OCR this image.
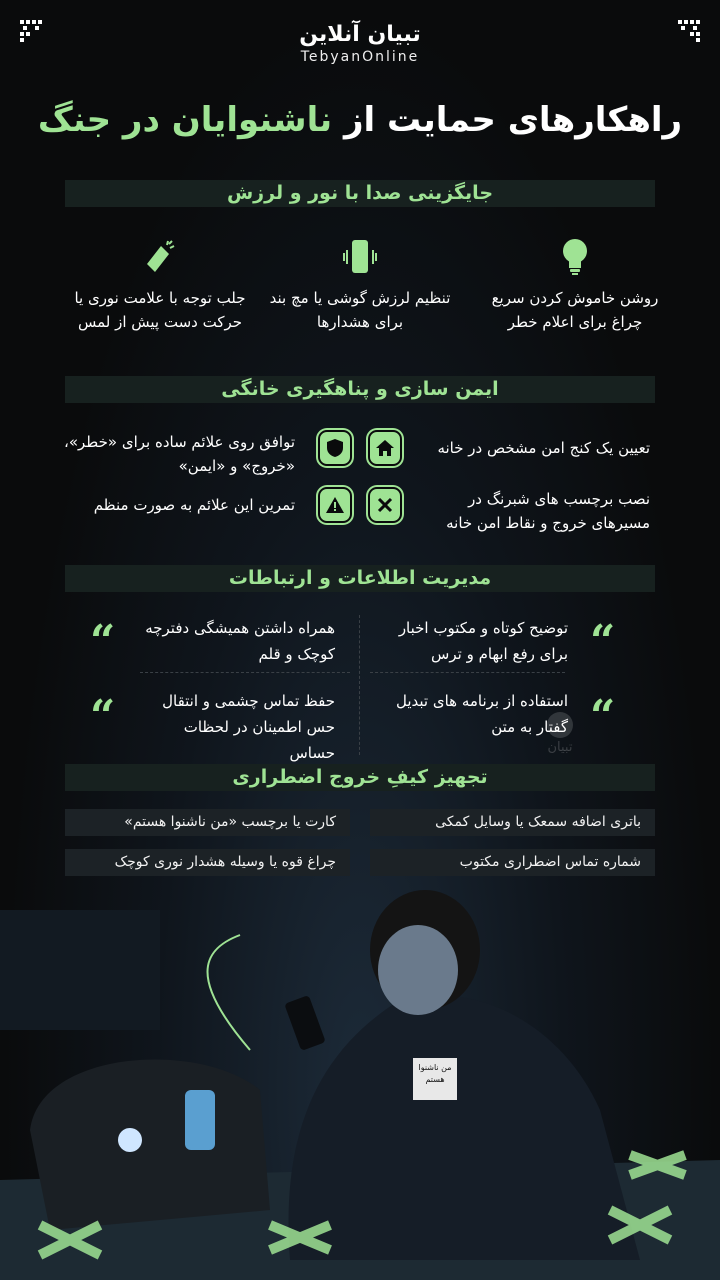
تبیان آنلاین
TebyanOnline
راهکارهای حمایت از ناشنوایان در جنگ
جایگزینی صدا با نور و لرزش
روشن خاموش کردن سریع چراغ برای اعلام خطر
تنظیم لرزش گوشی یا مچ بند برای هشدارها
جلب توجه با علامت نوری یا حرکت دست پیش از لمس
ایمن سازی و پناهگیری خانگی
تعیین یک کنج امن مشخص در خانه
توافق روی علائم ساده برای «خطر»، «خروج» و «ایمن»
نصب برچسب های شبرنگ در مسیرهای خروج و نقاط امن خانه
تمرین این علائم به صورت منظم
مدیریت اطلاعات و ارتباطات
“
توضیح کوتاه و مکتوب اخبار برای رفع ابهام و ترس
“	همراه داشتن همیشگی دفترچه کوچک و قلم
“
استفاده از برنامه های تبدیل گفتار به متن
“	حفظ تماس چشمی و انتقال حس اطمینان در لحظات حساس	تبیان
تجهیز کیفِ خروج اضطراری
باتری اضافه سمعک یا وسایل کمکی
کارت یا برچسب «من ناشنوا هستم»
شماره تماس اضطراری مکتوب
چراغ قوه یا وسیله هشدار نوری کوچک
من ناشنوا هستم
